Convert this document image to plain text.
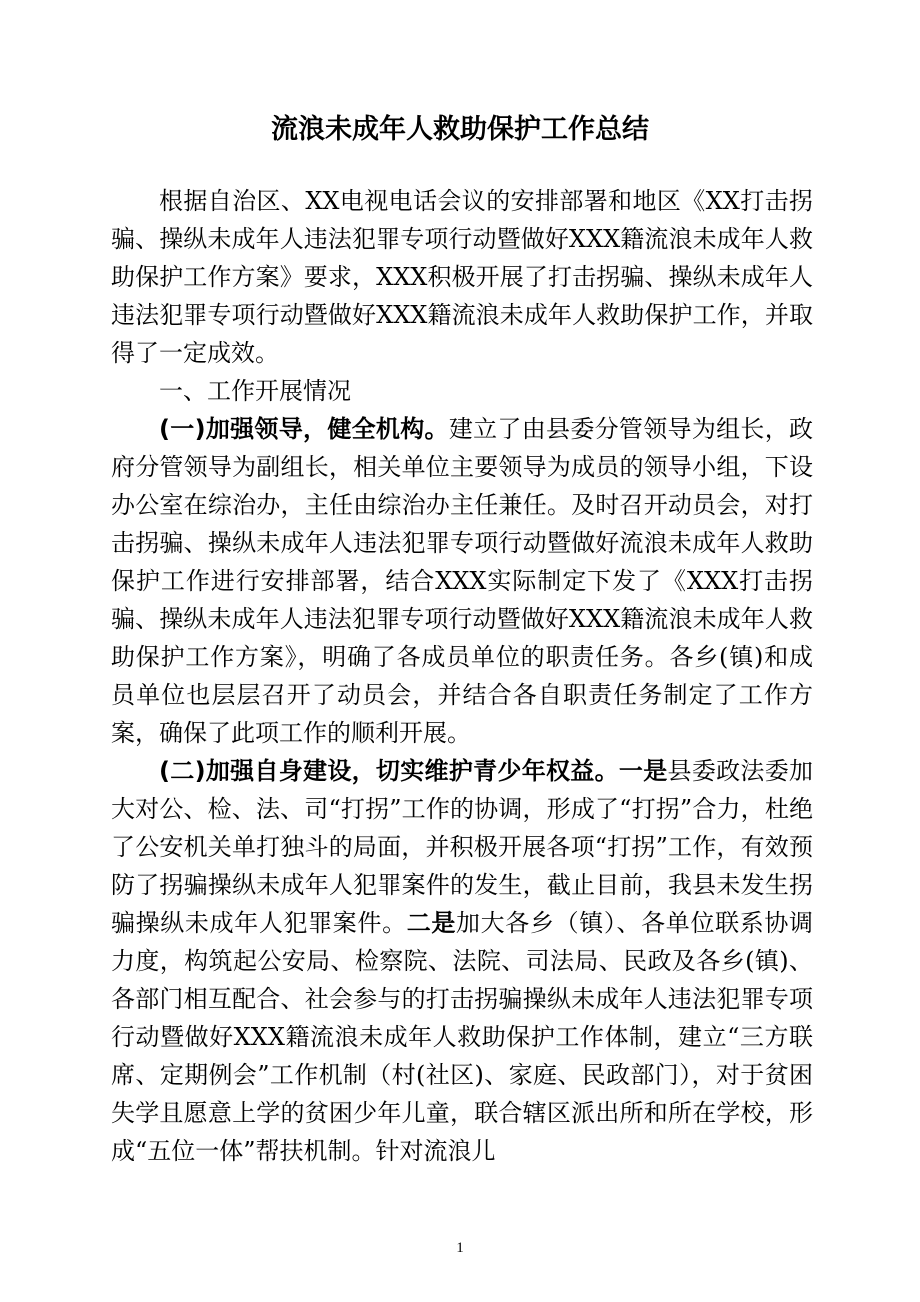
流浪未成年人救助保护工作总结

根据自治区、XX电视电话会议的安排部署和地区《XX打击拐骗、操纵未成年人违法犯罪专项行动暨做好XXX籍流浪未成年人救助保护工作方案》要求，XXX积极开展了打击拐骗、操纵未成年人违法犯罪专项行动暨做好XXX籍流浪未成年人救助保护工作，并取得了一定成效。

一、工作开展情况

(一)加强领导，健全机构。建立了由县委分管领导为组长，政府分管领导为副组长，相关单位主要领导为成员的领导小组，下设办公室在综治办，主任由综治办主任兼任。及时召开动员会，对打击拐骗、操纵未成年人违法犯罪专项行动暨做好流浪未成年人救助保护工作进行安排部署，结合XXX实际制定下发了《XXX打击拐骗、操纵未成年人违法犯罪专项行动暨做好XXX籍流浪未成年人救助保护工作方案》，明确了各成员单位的职责任务。各乡(镇)和成员单位也层层召开了动员会，并结合各自职责任务制定了工作方案，确保了此项工作的顺利开展。

(二)加强自身建设，切实维护青少年权益。一是县委政法委加大对公、检、法、司“打拐”工作的协调，形成了“打拐”合力，杜绝了公安机关单打独斗的局面，并积极开展各项“打拐”工作，有效预防了拐骗操纵未成年人犯罪案件的发生，截止目前，我县未发生拐骗操纵未成年人犯罪案件。二是加大各乡（镇）、各单位联系协调力度，构筑起公安局、检察院、法院、司法局、民政及各乡(镇)、各部门相互配合、社会参与的打击拐骗操纵未成年人违法犯罪专项行动暨做好XXX籍流浪未成年人救助保护工作体制，建立“三方联席、定期例会”工作机制（村(社区)、家庭、民政部门），对于贫困失学且愿意上学的贫困少年儿童，联合辖区派出所和所在学校，形成“五位一体”帮扶机制。针对流浪儿

1
